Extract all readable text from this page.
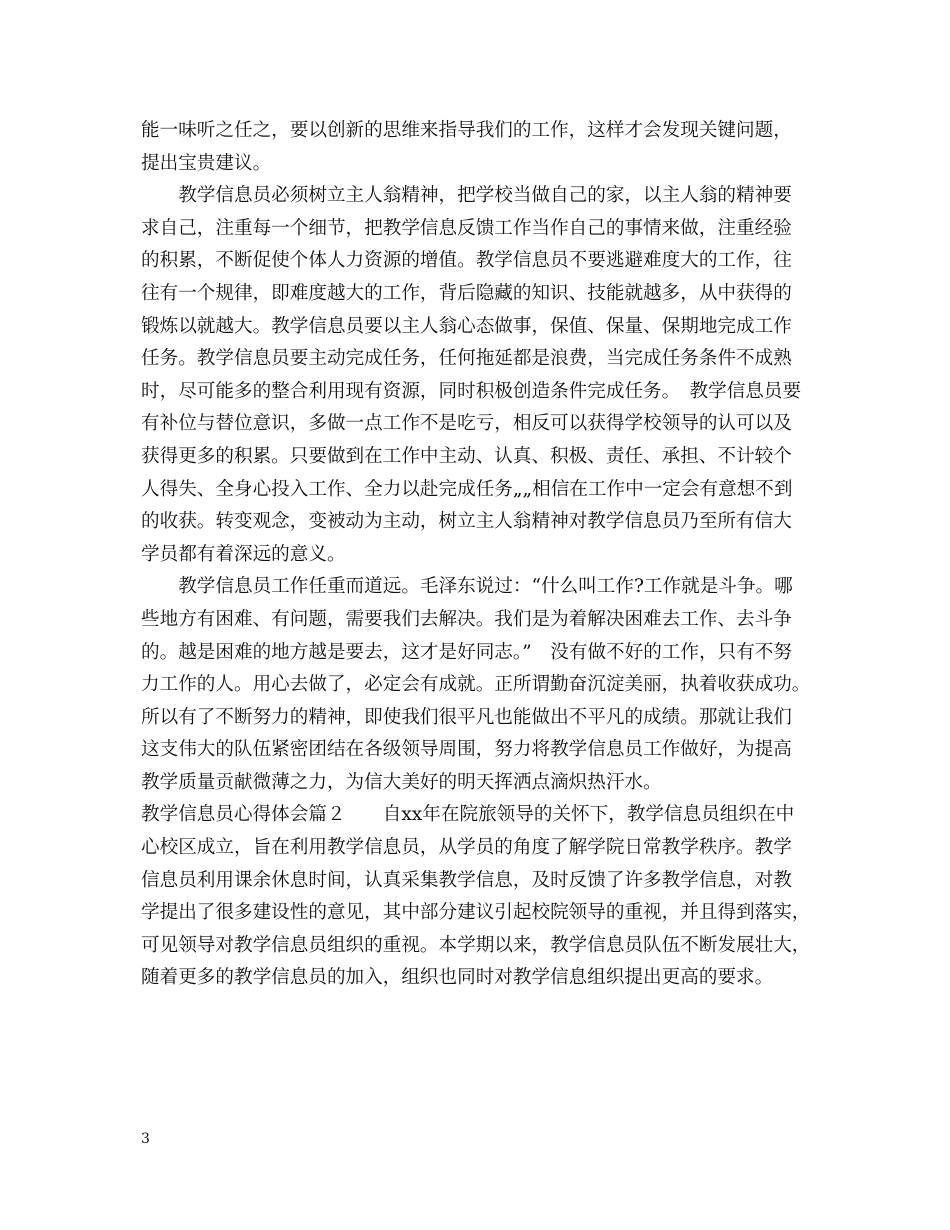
能一味听之任之，要以创新的思维来指导我们的工作，这样才会发现关键问题，
提出宝贵建议。
　　教学信息员必须树立主人翁精神，把学校当做自己的家，以主人翁的精神要
求自己，注重每一个细节，把教学信息反馈工作当作自己的事情来做，注重经验
的积累，不断促使个体人力资源的增值。教学信息员不要逃避难度大的工作，往
往有一个规律，即难度越大的工作，背后隐藏的知识、技能就越多，从中获得的
锻炼以就越大。教学信息员要以主人翁心态做事，保值、保量、保期地完成工作
任务。教学信息员要主动完成任务，任何拖延都是浪费，当完成任务条件不成熟
时，尽可能多的整合利用现有资源，同时积极创造条件完成任务。　教学信息员要
有补位与替位意识，多做一点工作不是吃亏，相反可以获得学校领导的认可以及
获得更多的积累。只要做到在工作中主动、认真、积极、责任、承担、不计较个
人得失、全身心投入工作、全力以赴完成任务„„相信在工作中一定会有意想不到
的收获。转变观念，变被动为主动，树立主人翁精神对教学信息员乃至所有信大
学员都有着深远的意义。
　　教学信息员工作任重而道远。毛泽东说过：“什么叫工作?工作就是斗争。哪
些地方有困难、有问题，需要我们去解决。我们是为着解决困难去工作、去斗争
的。越是困难的地方越是要去，这才是好同志。”　没有做不好的工作，只有不努
力工作的人。用心去做了，必定会有成就。正所谓勤奋沉淀美丽，执着收获成功。
所以有了不断努力的精神，即使我们很平凡也能做出不平凡的成绩。那就让我们
这支伟大的队伍紧密团结在各级领导周围，努力将教学信息员工作做好，为提高
教学质量贡献微薄之力，为信大美好的明天挥洒点滴炽热汗水。
教学信息员心得体会篇２　　自xx年在院旅领导的关怀下，教学信息员组织在中
心校区成立，旨在利用教学信息员，从学员的角度了解学院日常教学秩序。教学
信息员利用课余休息时间，认真采集教学信息，及时反馈了许多教学信息，对教
学提出了很多建设性的意见，其中部分建议引起校院领导的重视，并且得到落实，
可见领导对教学信息员组织的重视。本学期以来，教学信息员队伍不断发展壮大，
随着更多的教学信息员的加入，组织也同时对教学信息组织提出更高的要求。
3
